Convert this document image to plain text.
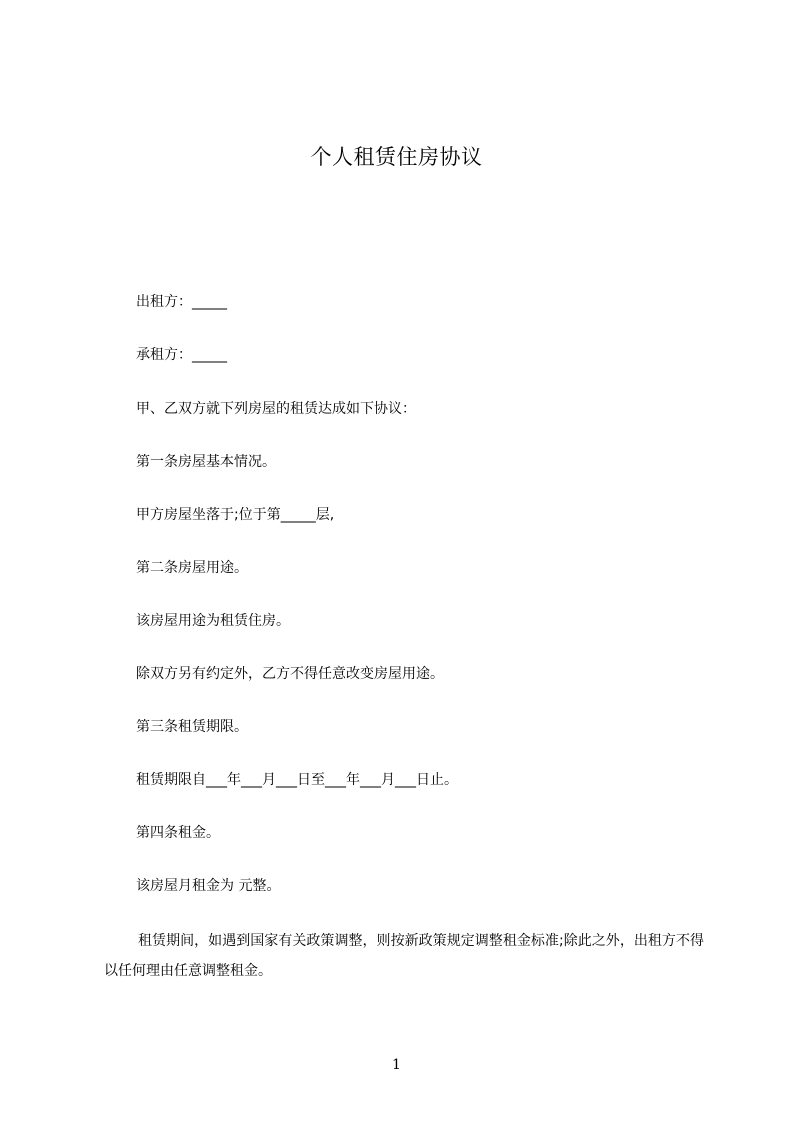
个人租赁住房协议
出租方：_____
承租方：_____
甲、乙双方就下列房屋的租赁达成如下协议：
第一条房屋基本情况。
甲方房屋坐落于;位于第_____层,
第二条房屋用途。
该房屋用途为租赁住房。
除双方另有约定外，乙方不得任意改变房屋用途。
第三条租赁期限。
租赁期限自___年___月___日至___年___月___日止。
第四条租金。
该房屋月租金为 元整。
租赁期间，如遇到国家有关政策调整，则按新政策规定调整租金标准;除此之外，出租方不得以任何理由任意调整租金。
1
